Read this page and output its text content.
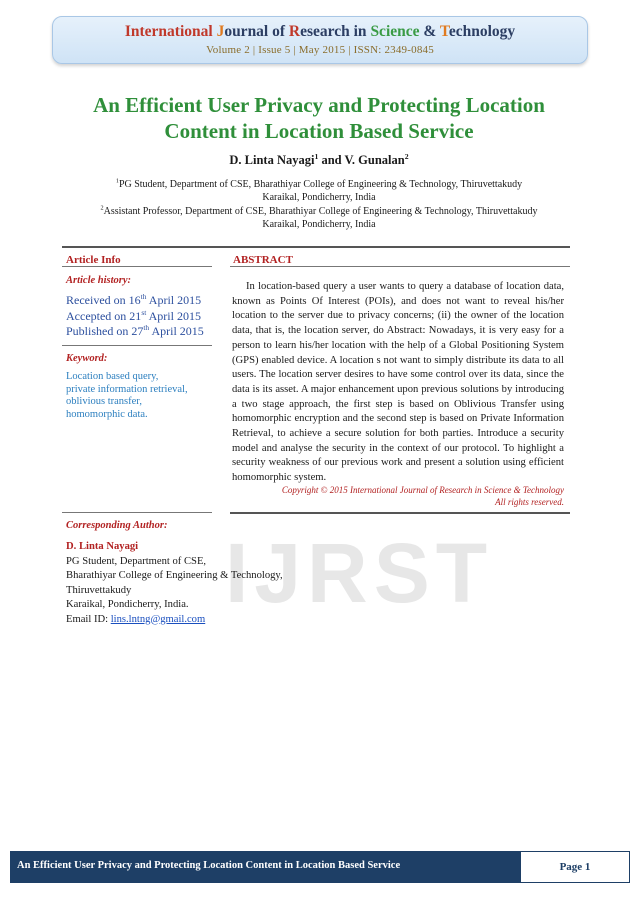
International Journal of Research in Science & Technology
Volume 2 | Issue 5 | May 2015 | ISSN: 2349-0845
An Efficient User Privacy and Protecting Location
Content in Location Based Service
D. Linta Nayagi$^1$ and V. Gunalan$^2$
$^1$PG Student, Department of CSE, Bharathiyar College of Engineering & Technology, Thiruvettakudy
Karaikal, Pondicherry, India
$^2$Assistant Professor, Department of CSE, Bharathiyar College of Engineering & Technology, Thiruvettakudy
Karaikal, Pondicherry, India
Article Info
Article history:
Received on 16th April 2015
Accepted on 21st April 2015
Published on 27th April 2015
Keyword:
Location based query,
private information retrieval,
oblivious transfer,
homomorphic data.
ABSTRACT

In location-based query a user wants to query a database of location data, known as Points Of Interest (POIs), and does not want to reveal his/her location to the server due to privacy concerns; (ii) the owner of the location data, that is, the location server, do Abstract: Nowadays, it is very easy for a person to learn his/her location with the help of a Global Positioning System (GPS) enabled device. A location s not want to simply distribute its data to all users. The location server desires to have some control over its data, since the data is its asset. A major enhancement upon previous solutions by introducing a two stage approach, the first step is based on Oblivious Transfer using homomorphic encryption and the second step is based on Private Information Retrieval, to achieve a secure solution for both parties. Introduce a security model and analyse the security in the context of our protocol. To highlight a security weakness of our previous work and present a solution using efficient homomorphic system.

Copyright © 2015 International Journal of Research in Science & Technology
All rights reserved.
IJRST
Corresponding Author:
D. Linta Nayagi
PG Student, Department of CSE,
Bharathiyar College of Engineering & Technology,
Thiruvettakudy
Karaikal, Pondicherry, India.
Email ID: lins.lntng@gmail.com
An Efficient User Privacy and Protecting Location Content in Location Based Service	Page 1
